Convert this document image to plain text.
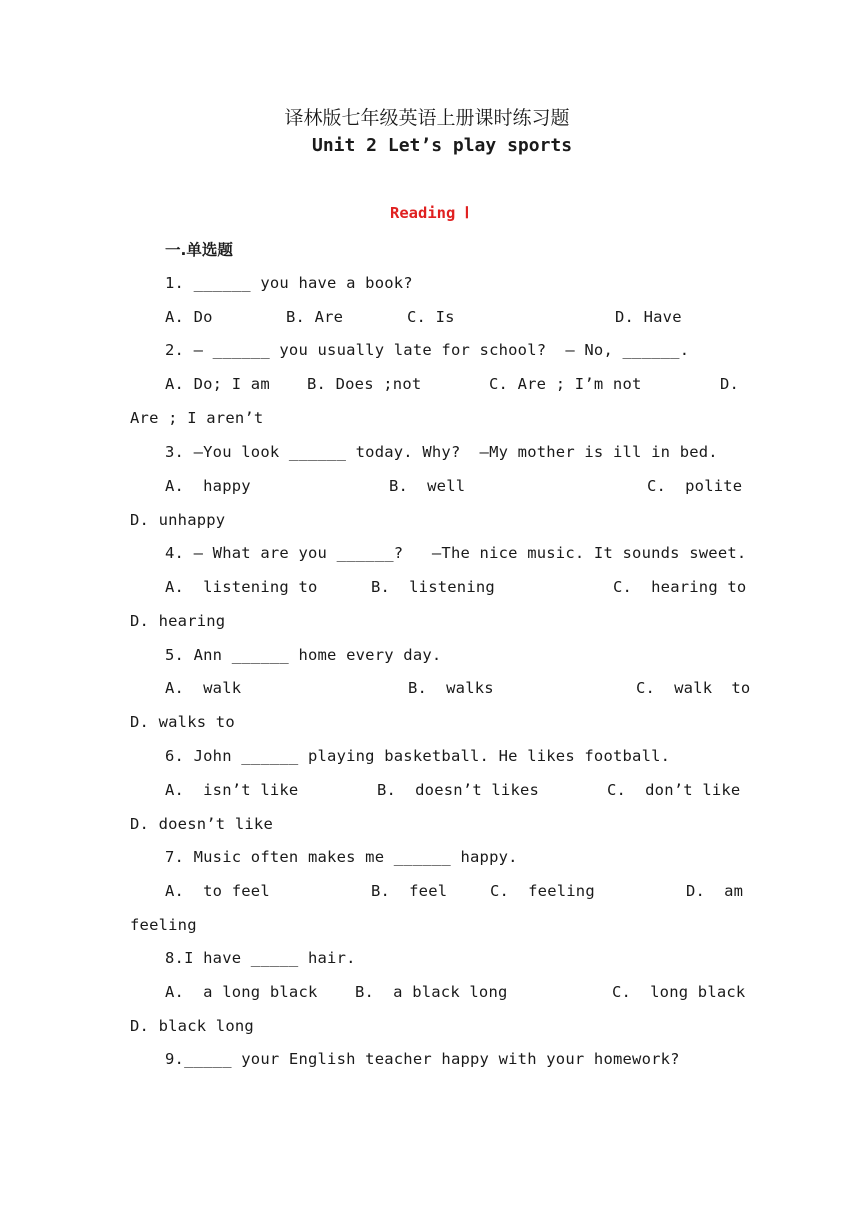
译林版七年级英语上册课时练习题
Unit 2 Let’s play sports
Reading Ⅰ
一.单选题
1. ______ you have a book?
A. Do	B. Are	C. Is	D. Have
2. — ______ you usually late for school?  — No, ______.
A. Do; I am B. Does ;not	C. Are ; I’m not	D.
Are ; I aren’t
3. —You look ______ today. Why?  —My mother is ill in bed.
A.  happy	B.  well	C.  polite
D. unhappy
4. — What are you ______?   —The nice music. It sounds sweet.
A.  listening to	B.  listening	C.  hearing to
D. hearing
5. Ann ______ home every day.
A.  walk	B.  walks	C.  walk  to
D. walks to
6. John ______ playing basketball. He likes football.
A.  isn’t like	B.  doesn’t likes	C.  don’t like
D. doesn’t like
7. Music often makes me ______ happy.
A.  to feel	B.  feel	C.  feeling	D.  am
feeling
8.I have _____ hair.
A.  a long black B.  a black long	C.  long black
D. black long
9._____ your English teacher happy with your homework?
